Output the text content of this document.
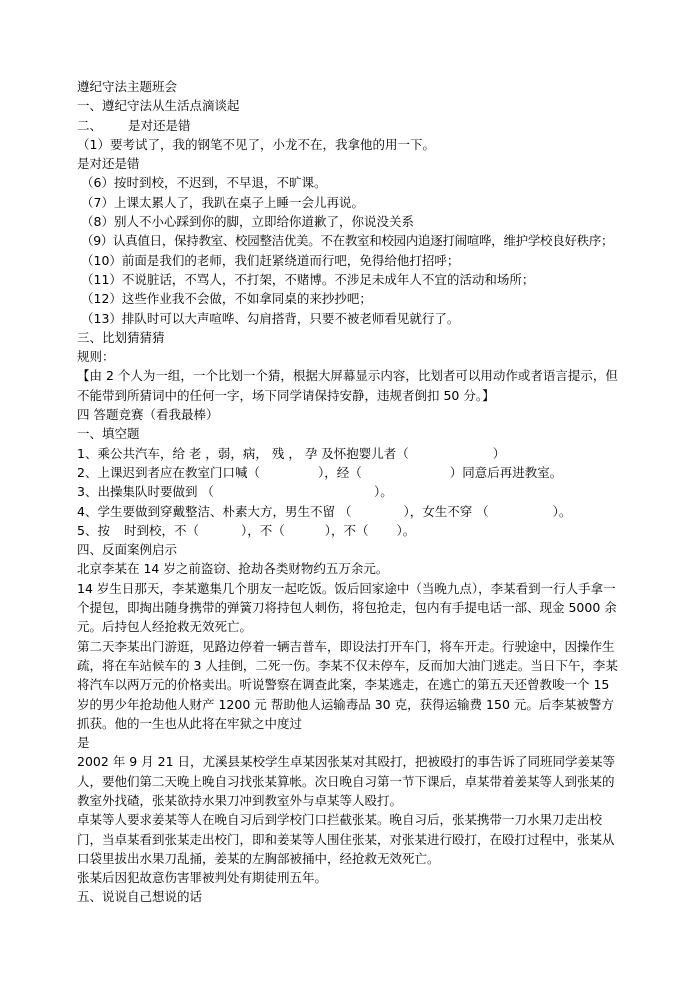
遵纪守法主题班会

一、遵纪守法从生活点滴谈起

二、 是对还是错

（1）要考试了，我的钢笔不见了，小龙不在，我拿他的用一下。

是对还是错

（6）按时到校，不迟到，不早退，不旷课。

（7）上课太累人了，我趴在桌子上睡一会儿再说。

（8）别人不小心踩到你的脚，立即给你道歉了，你说没关系

（9）认真值日，保持教室、校园整洁优美。不在教室和校园内追逐打闹喧哗，维护学校良好秩序；

（10）前面是我们的老师，我们赶紧绕道而行吧，免得给他打招呼；

（11）不说脏话，不骂人，不打架，不赌博。不涉足未成年人不宜的活动和场所；

（12）这些作业我不会做，不如拿同桌的来抄抄吧；

（13）排队时可以大声喧哗、勾肩搭背，只要不被老师看见就行了。

三、比划猜猜猜

规则：

【由 2 个人为一组，一个比划一个猜，根据大屏幕显示内容，比划者可以用动作或者语言提示，但不能带到所猜词中的任何一字，场下同学请保持安静，违规者倒扣 50 分。】

四 答题竞赛（看我最棒）

一、填空题

1、乘公共汽车，给 老 ，弱，病， 残 ， 孕 及怀抱婴儿者（	）

2、上课迟到者应在教室门口喊（	），经（	）同意后再进教室。

3、出操集队时要做到 （	）。

4、学生要做到穿戴整洁、朴素大方，男生不留 （	），女生不穿 （	）。

5、按 时到校，不（	），不（	），不（ ）。

四、反面案例启示

北京李某在 14 岁之前盗窃、抢劫各类财物约五万余元。

14 岁生日那天，李某邀集几个朋友一起吃饭。饭后回家途中（当晚九点），李某看到一行人手拿一个提包，即掏出随身携带的弹簧刀将持包人刺伤，将包抢走，包内有手提电话一部、现金 5000 余元。后持包人经抢救无效死亡。

第二天李某出门游逛，见路边停着一辆吉普车，即设法打开车门，将车开走。行驶途中，因操作生疏，将在车站候车的 3 人挂倒，二死一伤。李某不仅未停车，反而加大油门逃走。当日下午，李某将汽车以两万元的价格卖出。听说警察在调查此案，李某逃走，在逃亡的第五天还曾教唆一个 15 岁的男少年抢劫他人财产 1200 元 帮助他人运输毒品 30 克，获得运输费 150 元。后李某被警方抓获。他的一生也从此将在牢狱之中度过

是

2002 年 9 月 21 日，尤溪县某校学生卓某因张某对其殴打，把被殴打的事告诉了同班同学姜某等人，要他们第二天晚上晚自习找张某算帐。次日晚自习第一节下课后，卓某带着姜某等人到张某的教室外找碴，张某欲持水果刀冲到教室外与卓某等人殴打。

卓某等人要求姜某等人在晚自习后到学校门口拦截张某。晚自习后，张某携带一刀水果刀走出校门，当卓某看到张某走出校门，即和姜某等人围住张某，对张某进行殴打，在殴打过程中，张某从口袋里拔出水果刀乱捅，姜某的左胸部被捅中，经抢救无效死亡。

张某后因犯故意伤害罪被判处有期徒刑五年。

五、说说自己想说的话
